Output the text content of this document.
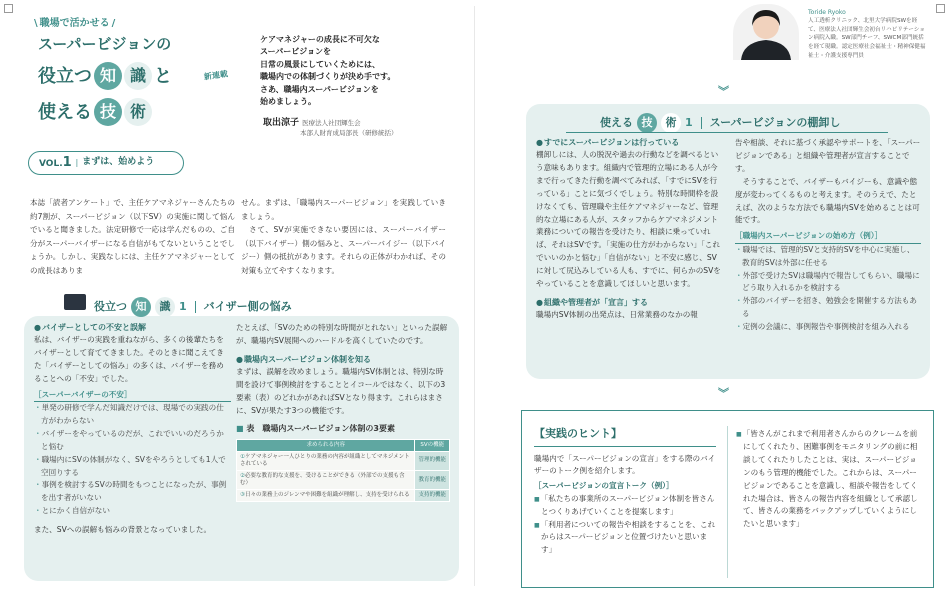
\ 職場で活かせる /
スーパービジョンの
役立つ 知 識 と	新連載
使える 技 術
ケアマネジャーの成長に不可欠な
スーパービジョンを
日常の風景にしていくためには、
職場内での体制づくりが決め手です。
さあ、職場内スーパービジョンを
始めましょう。
取出涼子 医療法人社団輝生会
本部人財育成局部長（研修統括）
VOL.1 | まずは、始めよう
本誌「読者アンケート」で、主任ケアマネジャーさんたちの約7割が、スーパービジョン（以下SV）の実施に関して悩んでいると聞きました。法定研修で一応は学んだものの、ご自分がスーパーバイザーになる自信がもてないということでしょうか。しかし、実践なしには、主任ケアマネジャーとしての成長はありま
せん。まずは、「職場内スーパービジョン」を実践していきましょう。
　さて、SVが実施できない要因には、スーパーバイザー（以下バイザー）側の悩みと、スーパーバイジー（以下バイジー）側の抵抗があります。それらの正体がわかれば、その対策も立てやすくなります。
役立つ 知	識 1 バイザー側の悩み
● バイザーとしての不安と誤解
私は、バイザーの実践を重ねながら、多くの後輩たちをバイザーとして育ててきました。そのときに聞こえてきた「バイザーとしての悩み」の多くは、バイザーを務めることへの「不安」でした。
［スーパーバイザーの不安］
・ 単発の研修で学んだ知識だけでは、現場での実践の仕方がわからない
・ バイザーをやっているのだが、これでいいのだろうかと悩む
・ 職場内にSVの体制がなく、SVをやろうとしても1人で空回りする
・ 事例を検討するSVの時間をもつことになったが、事例を出す者がいない
・ とにかく自信がない
また、SVへの誤解も悩みの背景となっていました。
たとえば、「SVのための特別な時間がとれない」といった誤解が、職場内SV展開へのハードルを高くしていたのです。
● 職場内スーパービジョン体制を知る
まずは、誤解を改めましょう。職場内SV体制とは、特別な時間を設けて事例検討をすることとイコールではなく、以下の3要素（表）のどれかがあればSVとなり得ます。これらはまさに、SVが果たす3つの機能です。
■ 表　職場内スーパービジョン体制の3要素
求められる内容	SVの機能
①ケアマネジャー一人ひとりの業務の内容が組織としてマネジメントされている	管理的機能
②必要な教育的な支援を、受けることができる（外部での支援も含む）	教育的機能
③日々の業務上のジレンマや困難を組織が理解し、支持を受けられる	支持的機能
Toride Ryoko
人工透析クリニック、北里大学病院SWを経て、医療法人社団輝生会初台リハビリテーション病院入職。SW部門チーフ、SWCM部門統括を経て現職。認定医療社会福祉士・精神保健福祉士・介護支援専門員
︾
使える 技	術 1 スーパービジョンの棚卸し
● すでにスーパービジョンは行っている
棚卸しには、人の脱況や過去の行動などを調べるという意味もあります。組織内で管理的立場にある人が今まで行ってきた行動を調べてみれば、「すでにSVを行っている」ことに気づくでしょう。特別な時間枠を設けなくても、管理職や主任ケアマネジャーなど、管理的な立場にある人が、スタッフからケアマネジメント業務についての報告を受けたり、相談に乗っていれば、それはSVです。「実施の仕方がわからない」「これでいいのかと悩む」「自信がない」と不安に感じ、SVに対して尻込みしている人も、すでに、何らかのSVをやっていることを意識してほしいと思います。
● 組織や管理者が「宣言」する
職場内SV体制の出発点は、日常業務のなかの報
告や相談、それに基づく承認やサポートを、「スーパービジョンである」と組織や管理者が宣言することです。
　そうすることで、バイザーもバイジーも、意識や態度が変わってくるものと考えます。そのうえで、たとえば、次のような方法でも職場内SVを始めることは可能です。
［職場内スーパービジョンの始め方（例）］
・ 職場では、管理的SVと支持的SVを中心に実施し、教育的SVは外部に任せる
・ 外部で受けたSVは職場内で報告してもらい、職場にどう取り入れるかを検討する
・ 外部のバイザーを招き、勉強会を開催する方法もある
・ 定例の会議に、事例報告や事例検討を組み入れる
︾
【実践のヒント】
職場内で「スーパービジョンの宣言」をする際のバイザーのトーク例を紹介します。
［スーパービジョンの宣言トーク（例）］
■ 「私たちの事業所のスーパービジョン体制を皆さんとつくりあげていくことを提案します」
■ 「利用者についての報告や相談をすることを、これからはスーパービジョンと位置づけたいと思います」
■ 「皆さんがこれまで利用者さんからのクレームを前にしてくれたり、困難事例をモニタリングの前に相談してくれたりしたことは、実は、スーパービジョンのもう管理的機能でした。これからは、スーパービジョンであることを意識し、相談や報告をしてくれた場合は、皆さんの報告内容を組織として承認して、皆さんの業務をバックアップしていくようにしたいと思います」
